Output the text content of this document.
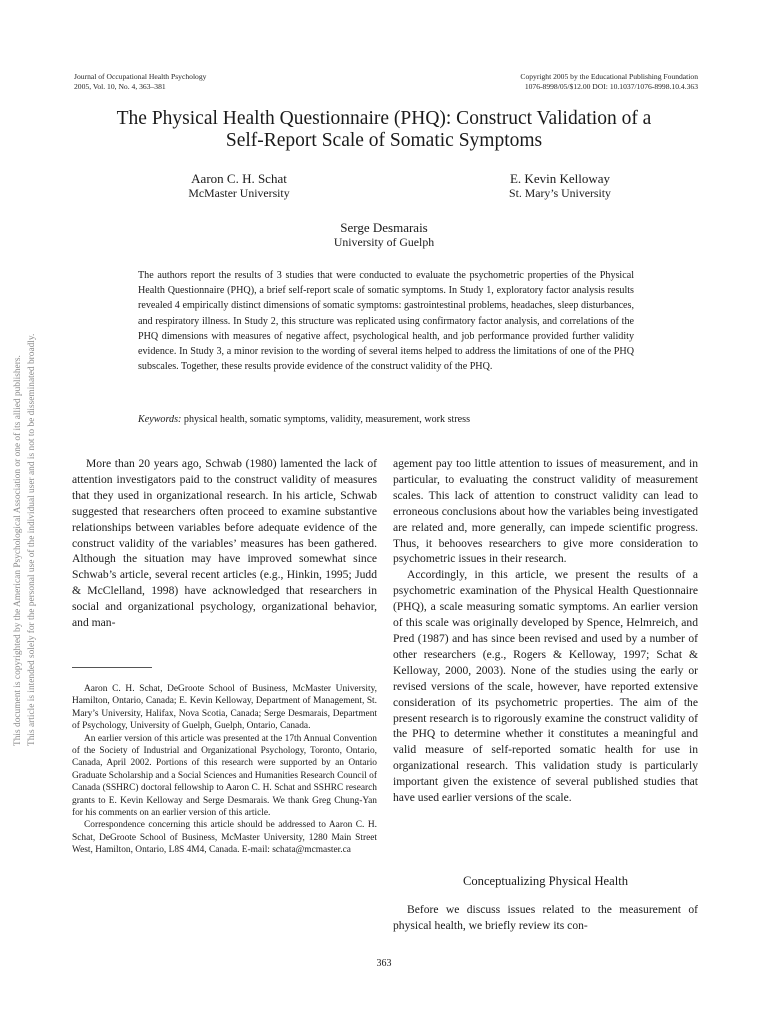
Journal of Occupational Health Psychology
2005, Vol. 10, No. 4, 363–381
Copyright 2005 by the Educational Publishing Foundation
1076-8998/05/$12.00 DOI: 10.1037/1076-8998.10.4.363
The Physical Health Questionnaire (PHQ): Construct Validation of a
Self-Report Scale of Somatic Symptoms
Aaron C. H. Schat
McMaster University
E. Kevin Kelloway
St. Mary’s University
Serge Desmarais
University of Guelph
The authors report the results of 3 studies that were conducted to evaluate the psychometric properties of the Physical Health Questionnaire (PHQ), a brief self-report scale of somatic symptoms. In Study 1, exploratory factor analysis results revealed 4 empirically distinct dimensions of somatic symptoms: gastrointestinal problems, headaches, sleep disturbances, and respiratory illness. In Study 2, this structure was replicated using confirmatory factor analysis, and correlations of the PHQ dimensions with measures of negative affect, psychological health, and job performance provided further validity evidence. In Study 3, a minor revision to the wording of several items helped to address the limitations of one of the PHQ subscales. Together, these results provide evidence of the construct validity of the PHQ.
Keywords: physical health, somatic symptoms, validity, measurement, work stress

More than 20 years ago, Schwab (1980) lamented the lack of attention investigators paid to the construct validity of measures that they used in organizational research. In his article, Schwab suggested that researchers often proceed to examine substantive relationships between variables before adequate evidence of the construct validity of the variables’ measures has been gathered. Although the situation may have improved somewhat since Schwab’s article, several recent articles (e.g., Hinkin, 1995; Judd & McClelland, 1998) have acknowledged that researchers in social and organizational psychology, organizational behavior, and man-

Aaron C. H. Schat, DeGroote School of Business, McMaster University, Hamilton, Ontario, Canada; E. Kevin Kelloway, Department of Management, St. Mary’s University, Halifax, Nova Scotia, Canada; Serge Desmarais, Department of Psychology, University of Guelph, Guelph, Ontario, Canada.

An earlier version of this article was presented at the 17th Annual Convention of the Society of Industrial and Organizational Psychology, Toronto, Ontario, Canada, April 2002. Portions of this research were supported by an Ontario Graduate Scholarship and a Social Sciences and Humanities Research Council of Canada (SSHRC) doctoral fellowship to Aaron C. H. Schat and SSHRC research grants to E. Kevin Kelloway and Serge Desmarais. We thank Greg Chung-Yan for his comments on an earlier version of this article.

Correspondence concerning this article should be addressed to Aaron C. H. Schat, DeGroote School of Business, McMaster University, 1280 Main Street West, Hamilton, Ontario, L8S 4M4, Canada. E-mail: schata@mcmaster.ca

agement pay too little attention to issues of measurement, and in particular, to evaluating the construct validity of measurement scales. This lack of attention to construct validity can lead to erroneous conclusions about how the variables being investigated are related and, more generally, can impede scientific progress. Thus, it behooves researchers to give more consideration to psychometric issues in their research.

Accordingly, in this article, we present the results of a psychometric examination of the Physical Health Questionnaire (PHQ), a scale measuring somatic symptoms. An earlier version of this scale was originally developed by Spence, Helmreich, and Pred (1987) and has since been revised and used by a number of other researchers (e.g., Rogers & Kelloway, 1997; Schat & Kelloway, 2000, 2003). None of the studies using the early or revised versions of the scale, however, have reported extensive consideration of its psychometric properties. The aim of the present research is to rigorously examine the construct validity of the PHQ to determine whether it constitutes a meaningful and valid measure of self-reported somatic health for use in organizational research. This validation study is particularly important given the existence of several published studies that have used earlier versions of the scale.

Conceptualizing Physical Health

Before we discuss issues related to the measurement of physical health, we briefly review its con-

363
This document is copyrighted by the American Psychological Association or one of its allied publishers. This article is intended solely for the personal use of the individual user and is not to be disseminated broadly.
